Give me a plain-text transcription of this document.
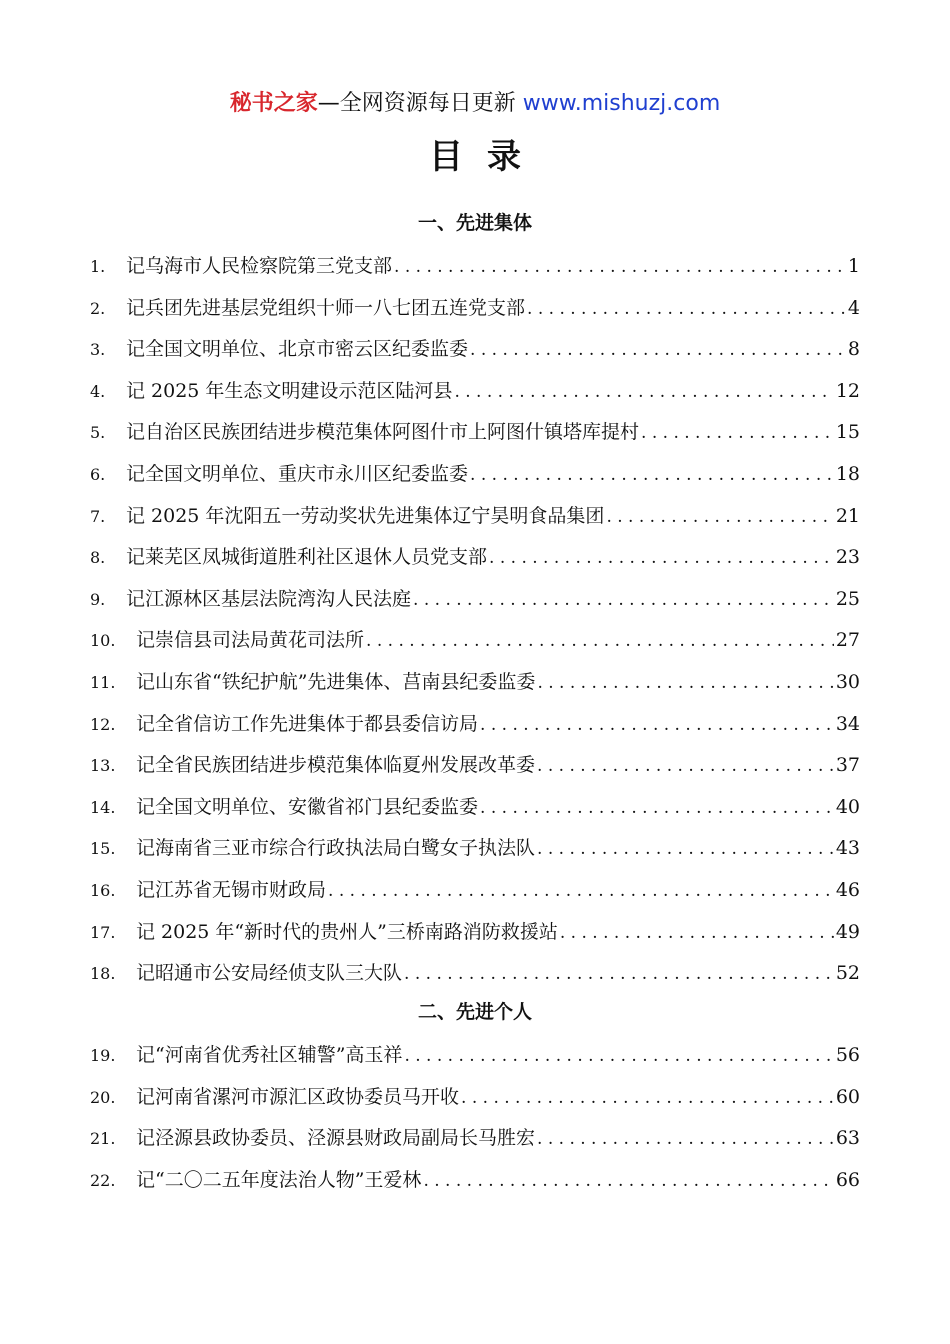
秘书之家—全网资源每日更新 www.mishuzj.com
目录
一、先进集体
1.	记乌海市人民检察院第三党支部 . . .	1
2.	记兵团先进基层党组织十师一八七团五连党支部 . . .	4
3.	记全国文明单位、北京市密云区纪委监委 . . .	8
4.	记 2025 年生态文明建设示范区陆河县 . . .	12
5.	记自治区民族团结进步模范集体阿图什市上阿图什镇塔库提村 . . .	15
6.	记全国文明单位、重庆市永川区纪委监委 . . .	18
7.	记 2025 年沈阳五一劳动奖状先进集体辽宁昊明食品集团 . . .	21
8.	记莱芜区凤城街道胜利社区退休人员党支部 . . .	23
9.	记江源林区基层法院湾沟人民法庭 . . .	25
10.	记崇信县司法局黄花司法所 . . .	27
11.	记山东省“铁纪护航”先进集体、莒南县纪委监委 . . .	30
12.	记全省信访工作先进集体于都县委信访局 . . .	34
13.	记全省民族团结进步模范集体临夏州发展改革委 . . .	37
14.	记全国文明单位、安徽省祁门县纪委监委 . . .	40
15.	记海南省三亚市综合行政执法局白鹭女子执法队 . . .	43
16.	记江苏省无锡市财政局 . . .	46
17.	记 2025 年“新时代的贵州人”三桥南路消防救援站 . . .	49
18.	记昭通市公安局经侦支队三大队 . . .	52
二、先进个人
19.	记“河南省优秀社区辅警”高玉祥 . . .	56
20.	记河南省漯河市源汇区政协委员马开收 . . .	60
21.	记泾源县政协委员、泾源县财政局副局长马胜宏 . . .	63
22.	记“二〇二五年度法治人物”王爱林 . . .	66
